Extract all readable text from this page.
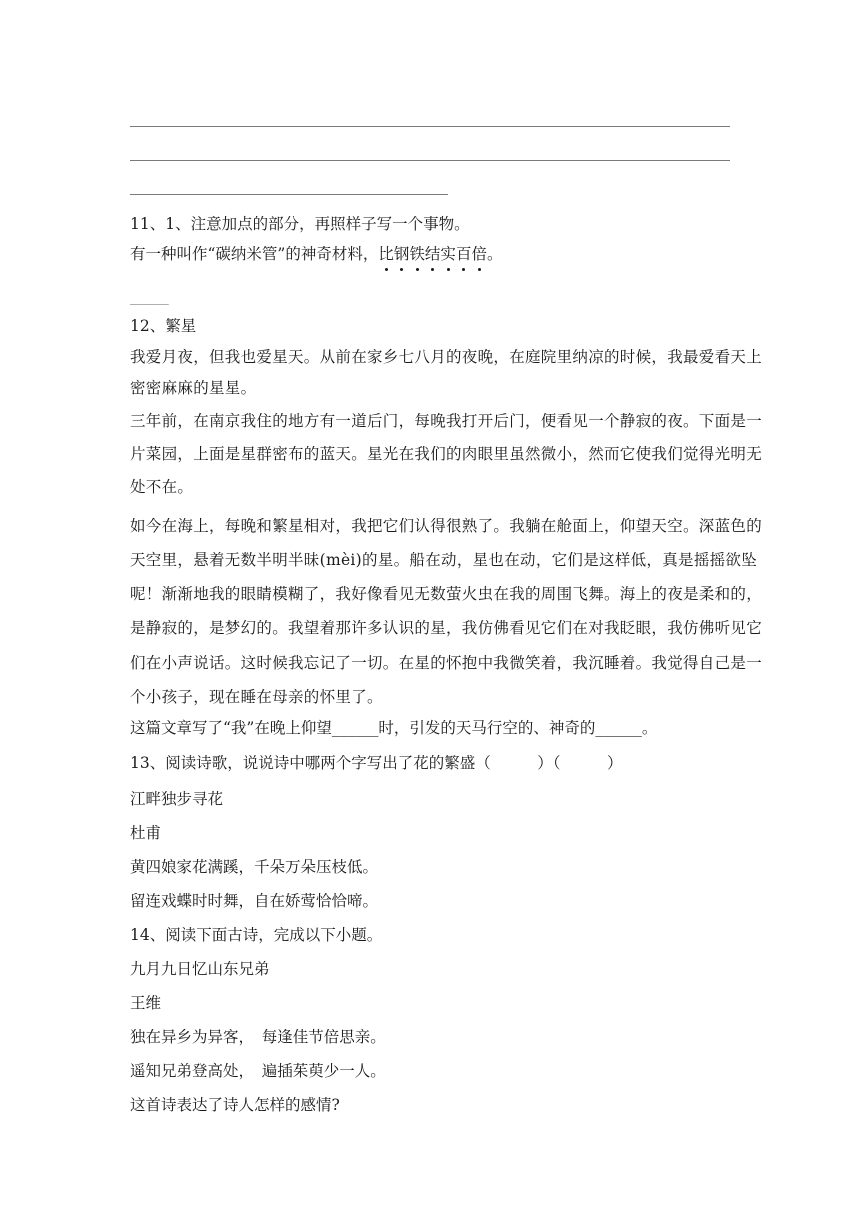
11、1、注意加点的部分，再照样子写一个事物。
有一种叫作“碳纳米管”的神奇材料，比钢铁结实百倍。
_____
12、繁星
我爱月夜，但我也爱星天。从前在家乡七八月的夜晚，在庭院里纳凉的时候，我最爱看天上
密密麻麻的星星。
三年前，在南京我住的地方有一道后门，每晚我打开后门，便看见一个静寂的夜。下面是一
片菜园，上面是星群密布的蓝天。星光在我们的肉眼里虽然微小，然而它使我们觉得光明无
处不在。
如今在海上，每晚和繁星相对，我把它们认得很熟了。我躺在舱面上，仰望天空。深蓝色的
天空里，悬着无数半明半昧(mèi)的星。船在动，星也在动，它们是这样低，真是摇摇欲坠
呢！渐渐地我的眼睛模糊了，我好像看见无数萤火虫在我的周围飞舞。海上的夜是柔和的，
是静寂的，是梦幻的。我望着那许多认识的星，我仿佛看见它们在对我眨眼，我仿佛听见它
们在小声说话。这时候我忘记了一切。在星的怀抱中我微笑着，我沉睡着。我觉得自己是一
个小孩子，现在睡在母亲的怀里了。
这篇文章写了“我”在晚上仰望______时，引发的天马行空的、神奇的______。
13、阅读诗歌，说说诗中哪两个字写出了花的繁盛（　　　）（　　　）
江畔独步寻花
杜甫
黄四娘家花满蹊，千朵万朵压枝低。
留连戏蝶时时舞，自在娇莺恰恰啼。
14、阅读下面古诗，完成以下小题。
九月九日忆山东兄弟
王维
独在异乡为异客，　每逢佳节倍思亲。
遥知兄弟登高处，　遍插茱萸少一人。
这首诗表达了诗人怎样的感情?
